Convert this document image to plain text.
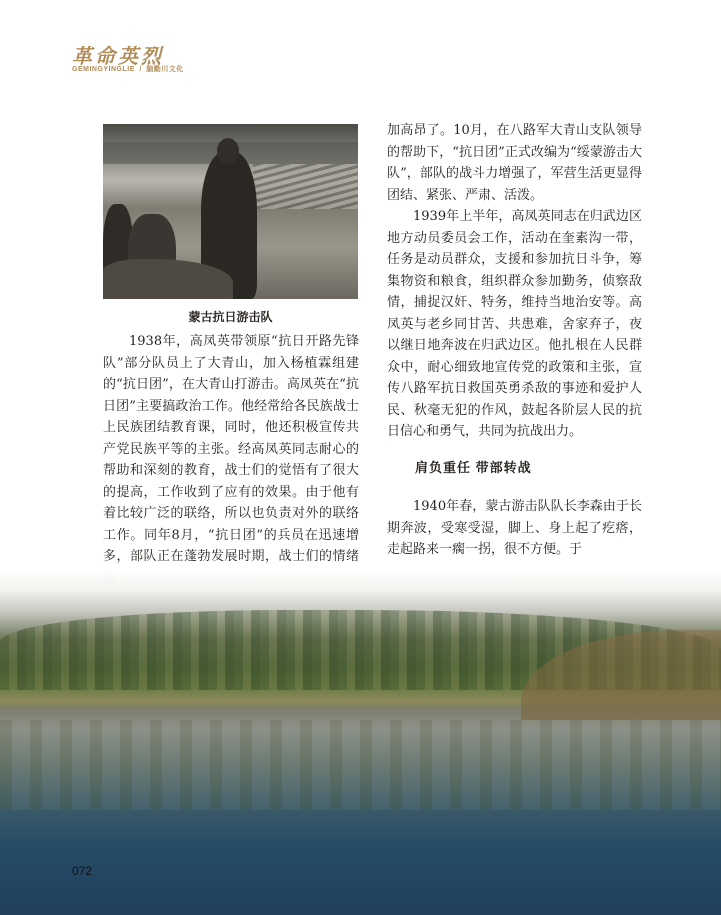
革命英烈
GEMINGYINGLIE / 脑勤川文化
蒙古抗日游击队

1938年，高凤英带领原“抗日开路先锋队”部分队员上了大青山，加入杨植霖组建的“抗日团”，在大青山打游击。高凤英在“抗日团”主要搞政治工作。他经常给各民族战士上民族团结教育课，同时，他还积极宣传共产党民族平等的主张。经高凤英同志耐心的帮助和深刻的教育，战士们的觉悟有了很大的提高，工作收到了应有的效果。由于他有着比较广泛的联络，所以也负责对外的联络工作。同年8月，“抗日团”的兵员在迅速增多，部队正在蓬勃发展时期，战士们的情绪

加高昂了。10月，在八路军大青山支队领导的帮助下，“抗日团”正式改编为“绥蒙游击大队”，部队的战斗力增强了，军营生活更显得团结、紧张、严肃、活泼。

1939年上半年，高凤英同志在归武边区地方动员委员会工作，活动在奎素沟一带，任务是动员群众，支援和参加抗日斗争，筹集物资和粮食，组织群众参加勤务，侦察敌情，捕捉汉奸、特务，维持当地治安等。高凤英与老乡同甘苦、共患难，舍家弃子，夜以继日地奔波在归武边区。他扎根在人民群众中，耐心细致地宣传党的政策和主张，宣传八路军抗日救国英勇杀敌的事迹和爱护人民、秋毫无犯的作风，鼓起各阶层人民的抗日信心和勇气，共同为抗战出力。

肩负重任 带部转战

1940年春，蒙古游击队队长李森由于长期奔波，受寒受湿，脚上、身上起了疙瘩，走起路来一瘸一拐，很不方便。于

072
